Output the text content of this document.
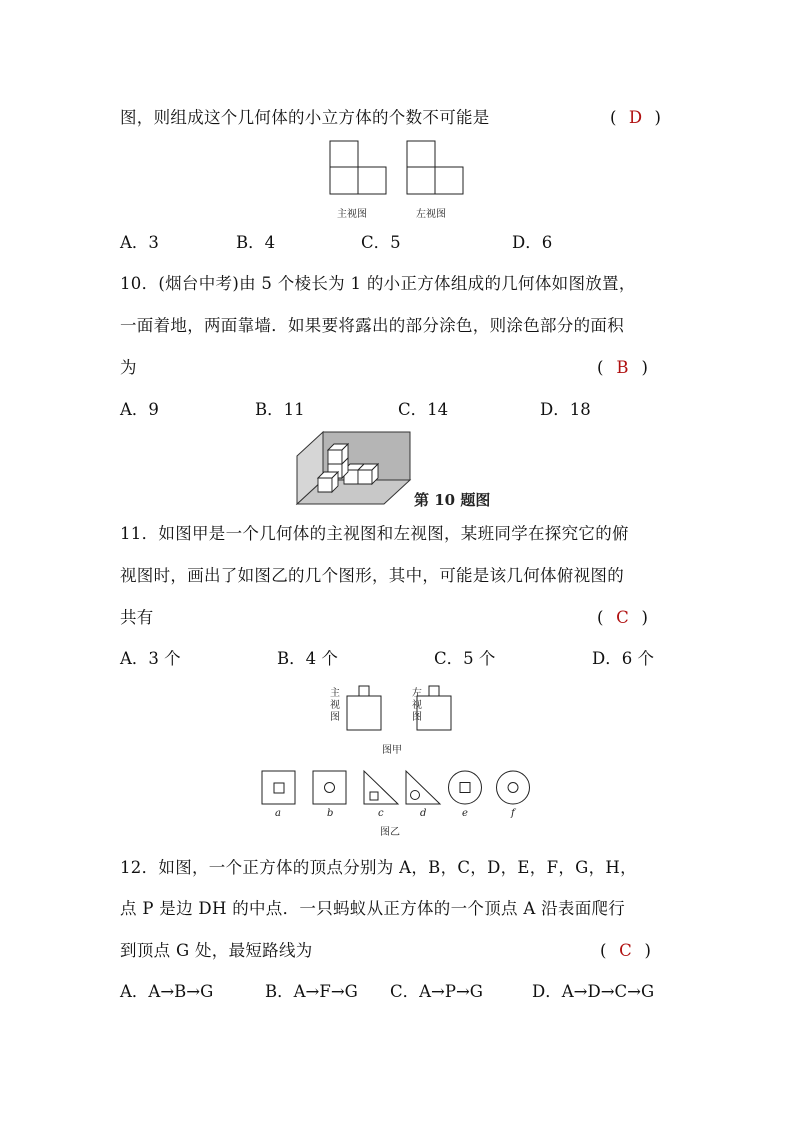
图，则组成这个几何体的小立方体的个数不可能是	( D )
主视图	左视图
A．3	B．4	C．5	D．6
10．(烟台中考)由 5 个棱长为 1 的小正方体组成的几何体如图放置，
一面着地，两面靠墙．如果要将露出的部分涂色，则涂色部分的面积
为	( B )
A．9	B．11	C．14	D．18
第 10 题图
11．如图甲是一个几何体的主视图和左视图，某班同学在探究它的俯
视图时，画出了如图乙的几个图形，其中，可能是该几何体俯视图的
共有	( C )
A．3 个	B．4 个	C．5 个	D．6 个
主视图
左视图
图甲
a	b	c	d	e	f
图乙
12．如图，一个正方体的顶点分别为 A，B，C，D，E，F，G，H，
点 P 是边 DH 的中点．一只蚂蚁从正方体的一个顶点 A 沿表面爬行
到顶点 G 处，最短路线为	( C )
A．A→B→G	B．A→F→G C．A→P→G	D．A→D→C→G
